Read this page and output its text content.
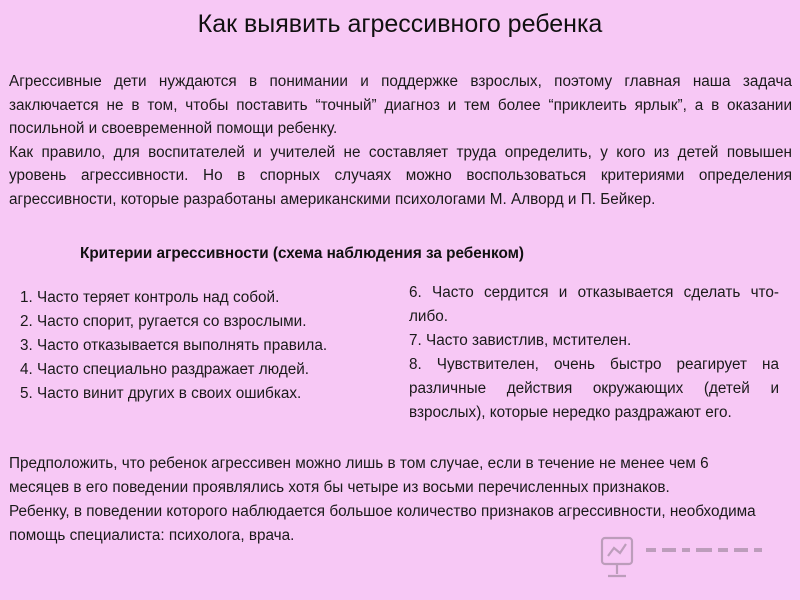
Как выявить агрессивного ребенка

Агрессивные дети нуждаются в понимании и поддержке взрослых, поэтому главная наша задача заключается не в том, чтобы поставить “точный” диагноз и тем более “приклеить ярлык”, а в оказании посильной и своевременной помощи ребенку.

Как правило, для воспитателей и учителей не составляет труда определить, у кого из детей повышен уровень агрессивности. Но в спорных случаях можно воспользоваться критериями определения агрессивности, которые разработаны американскими психологами М. Алворд и П. Бейкер.

Критерии агрессивности (схема наблюдения за ребенком)

1. Часто теряет контроль над собой.

2. Часто спорит, ругается со взрослыми.

3. Часто отказывается выполнять правила.

4. Часто специально раздражает людей.

5. Часто винит других в своих ошибках.

6. Часто сердится и отказывается сделать что-либо.

7. Часто завистлив, мстителен.

8. Чувствителен, очень быстро реагирует на различные действия окружающих (детей и взрослых), которые нередко раздражают его.

Предположить, что ребенок агрессивен можно лишь в том случае, если в течение не менее чем 6 месяцев в его поведении проявлялись хотя бы четыре из восьми перечисленных признаков.

Ребенку, в поведении которого наблюдается большое количество признаков агрессивности, необходима помощь специалиста: психолога, врача.
